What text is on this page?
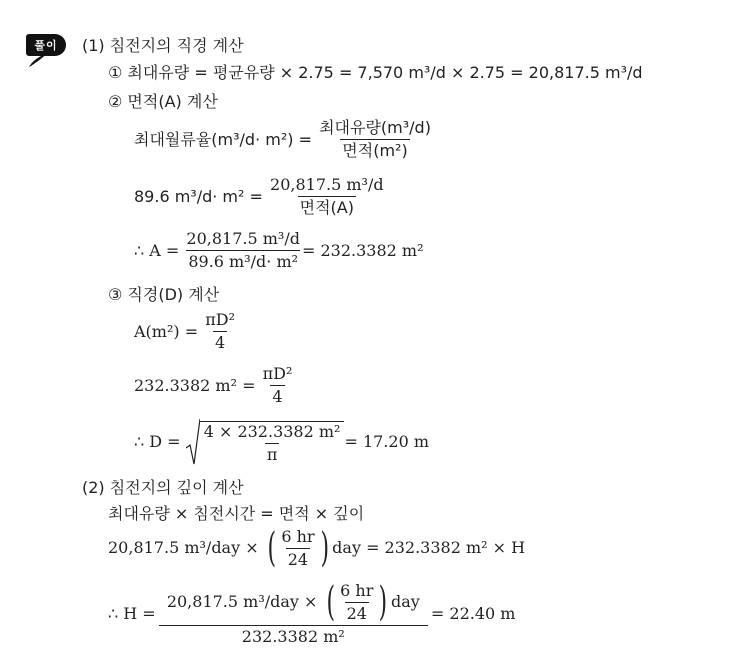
풀이	(1) 침전지의 직경 계산
① 최대유량 = 평균유량 × 2.75 = 7,570 m³/d × 2.75 = 20,817.5 m³/d
② 면적(A) 계산
최대월류율(m³/d· m²) =

최대유량(m³/d)
면적(m²)
89.6 m³/d· m² =

20,817.5 m³/d
면적(A)
∴ A =
$\frac{\text{20,817.5 m³/d}}{\text{89.6 m³/d· m²}} = 232.3382$ m²
③ 직경(D) 계산
A(m²) =
$\frac{\text{πD²}}{4}$
232.3382 m² =
$\frac{\text{πD²}}{4}$
∴ D =
$\frac{\text{4 × 232.3382 m²}}{\pi} = 17.20$ m
(2) 침전지의 깊이 계산
최대유량 × 침전시간 = 면적 × 깊이
20,817.5 m³/day ×
( $\frac{6 hr}{24}$ ) day = 232.3382 m² × H
∴ H =

20,817.5 m³/day ×
( $\frac{6 hr}{24}$ ) day
232.3382 m²

= 22.40 m
